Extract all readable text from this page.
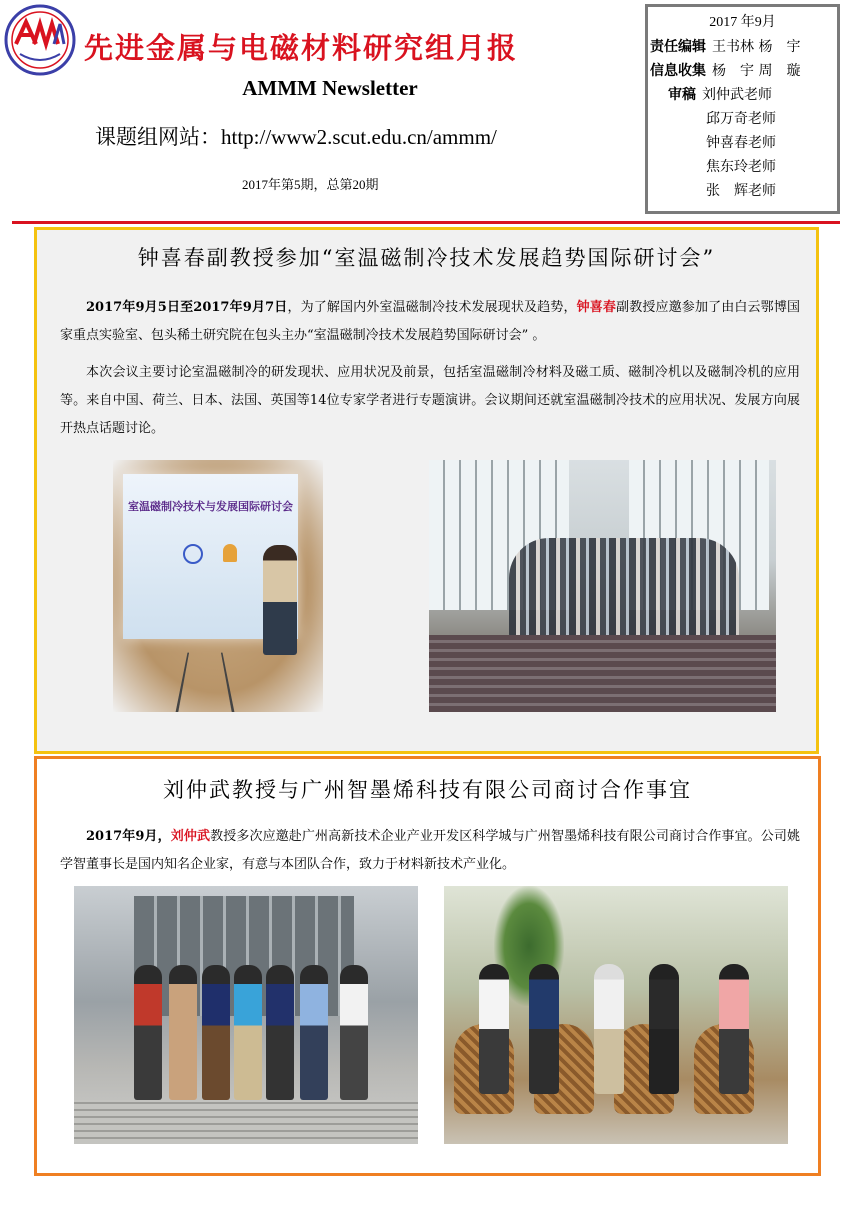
先进金属与电磁材料研究组月报
AMMM Newsletter
课题组网站：http://www2.scut.edu.cn/ammm/
2017年第5期，总第20期
2017 年9月
责任编辑 王书林 杨　宇
信息收集 杨　宇 周　璇
审稿 刘仲武老师
邱万奇老师
钟喜春老师
焦东玲老师
张　辉老师
钟喜春副教授参加“室温磁制冷技术发展趋势国际研讨会”
2017年9月5日至2017年9月7日，为了解国内外室温磁制冷技术发展现状及趋势，钟喜春副教授应邀参加了由白云鄂博国家重点实验室、包头稀土研究院在包头主办“室温磁制冷技术发展趋势国际研讨会” 。
本次会议主要讨论室温磁制冷的研发现状、应用状况及前景，包括室温磁制冷材料及磁工质、磁制冷机以及磁制冷机的应用等。来自中国、荷兰、日本、法国、英国等14位专家学者进行专题演讲。会议期间还就室温磁制冷技术的应用状况、发展方向展开热点话题讨论。
室温磁制冷技术与发展国际研讨会
刘仲武教授与广州智墨烯科技有限公司商讨合作事宜
2017年9月，刘仲武教授多次应邀赴广州高新技术企业产业开发区科学城与广州智墨烯科技有限公司商讨合作事宜。公司姚学智董事长是国内知名企业家，有意与本团队合作，致力于材料新技术产业化。
